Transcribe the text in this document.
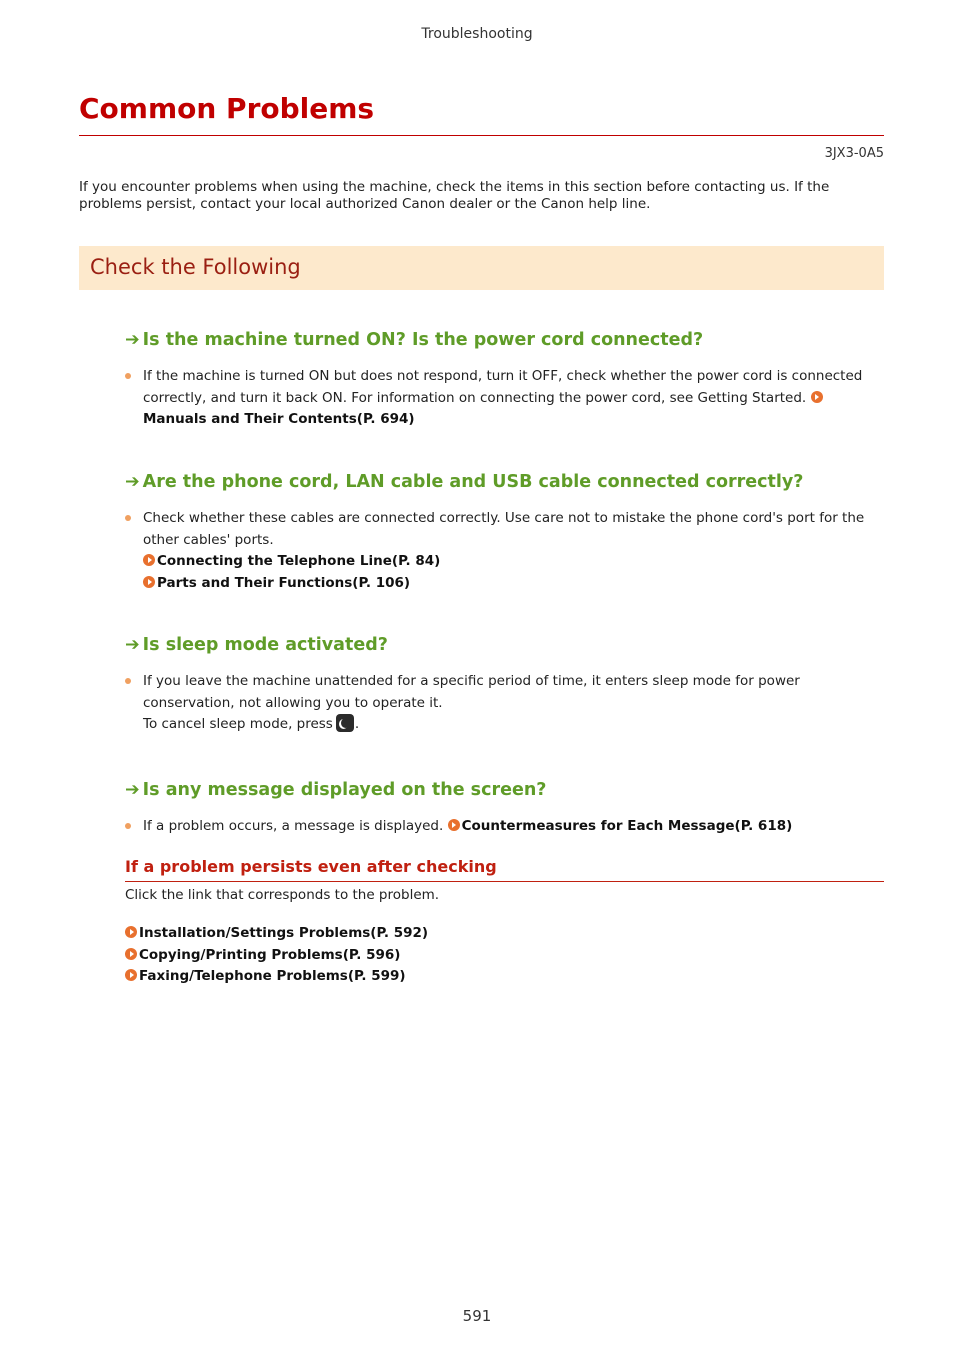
Troubleshooting
Common Problems
3JX3-0A5

If you encounter problems when using the machine, check the items in this section before contacting us. If the problems persist, contact your local authorized Canon dealer or the Canon help line.

Check the Following
➔ Is the machine turned ON? Is the power cord connected?
If the machine is turned ON but does not respond, turn it OFF, check whether the power cord is connected correctly, and turn it back ON. For information on connecting the power cord, see Getting Started.
Manuals and Their Contents(P. 694)
➔ Are the phone cord, LAN cable and USB cable connected correctly?
Check whether these cables are connected correctly. Use care not to mistake the phone cord's port for the other cables' ports.
Connecting the Telephone Line(P. 84)
Parts and Their Functions(P. 106)
➔ Is sleep mode activated?
If you leave the machine unattended for a specific period of time, it enters sleep mode for power conservation, not allowing you to operate it.
To cancel sleep mode, press .
➔ Is any message displayed on the screen?
If a problem occurs, a message is displayed. Countermeasures for Each Message(P. 618)
If a problem persists even after checking
Click the link that corresponds to the problem.
Installation/Settings Problems(P. 592)
Copying/Printing Problems(P. 596)
Faxing/Telephone Problems(P. 599)
591
